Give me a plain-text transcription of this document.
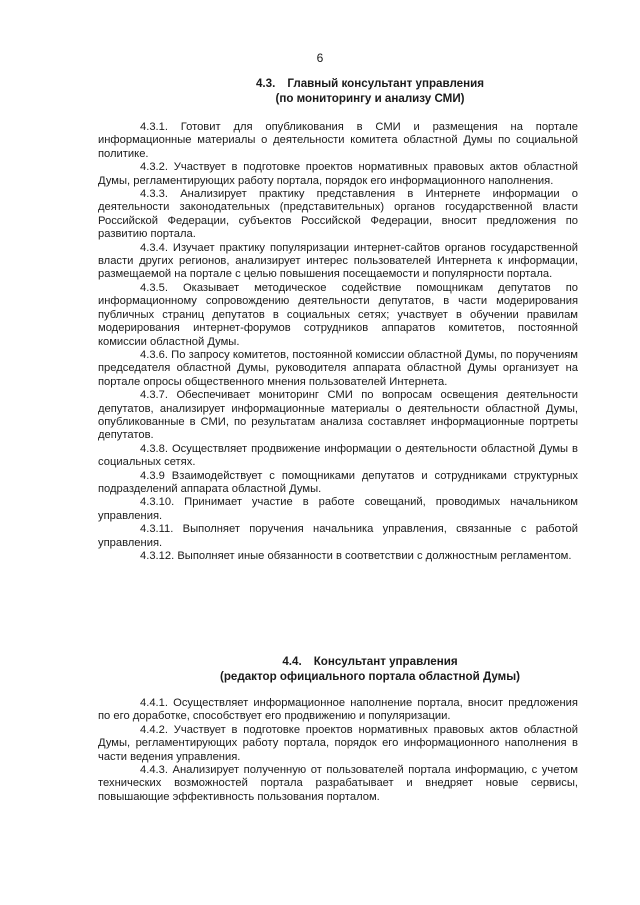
6
4.3. Главный консультант управления
(по мониторингу и анализу СМИ)

4.3.1. Готовит для опубликования в СМИ и размещения на портале информационные материалы о деятельности комитета областной Думы по социальной политике.

4.3.2. Участвует в подготовке проектов нормативных правовых актов областной Думы, регламентирующих работу портала, порядок его информационного наполнения.

4.3.3. Анализирует практику представления в Интернете информации о деятельности законодательных (представительных) органов государственной власти Российской Федерации, субъектов Российской Федерации, вносит предложения по развитию портала.

4.3.4. Изучает практику популяризации интернет-сайтов органов государственной власти других регионов, анализирует интерес пользователей Интернета к информации, размещаемой на портале с целью повышения посещаемости и популярности портала.

4.3.5. Оказывает методическое содействие помощникам депутатов по информационному сопровождению деятельности депутатов, в части модерирования публичных страниц депутатов в социальных сетях; участвует в обучении правилам модерирования интернет-форумов сотрудников аппаратов комитетов, постоянной комиссии областной Думы.

4.3.6. По запросу комитетов, постоянной комиссии областной Думы, по поручениям председателя областной Думы, руководителя аппарата областной Думы организует на портале опросы общественного мнения пользователей Интернета.

4.3.7. Обеспечивает мониторинг СМИ по вопросам освещения деятельности депутатов, анализирует информационные материалы о деятельности областной Думы, опубликованные в СМИ, по результатам анализа составляет информационные портреты депутатов.

4.3.8. Осуществляет продвижение информации о деятельности областной Думы в социальных сетях.

4.3.9 Взаимодействует с помощниками депутатов и сотрудниками структурных подразделений аппарата областной Думы.

4.3.10. Принимает участие в работе совещаний, проводимых начальником управления.

4.3.11. Выполняет поручения начальника управления, связанные с работой управления.

4.3.12. Выполняет иные обязанности в соответствии с должностным регламентом.

4.4. Консультант управления
(редактор официального портала областной Думы)

4.4.1. Осуществляет информационное наполнение портала, вносит предложения по его доработке, способствует его продвижению и популяризации.

4.4.2. Участвует в подготовке проектов нормативных правовых актов областной Думы, регламентирующих работу портала, порядок его информационного наполнения в части ведения управления.

4.4.3. Анализирует полученную от пользователей портала информацию, с учетом технических возможностей портала разрабатывает и внедряет новые сервисы, повышающие эффективность пользования порталом.
